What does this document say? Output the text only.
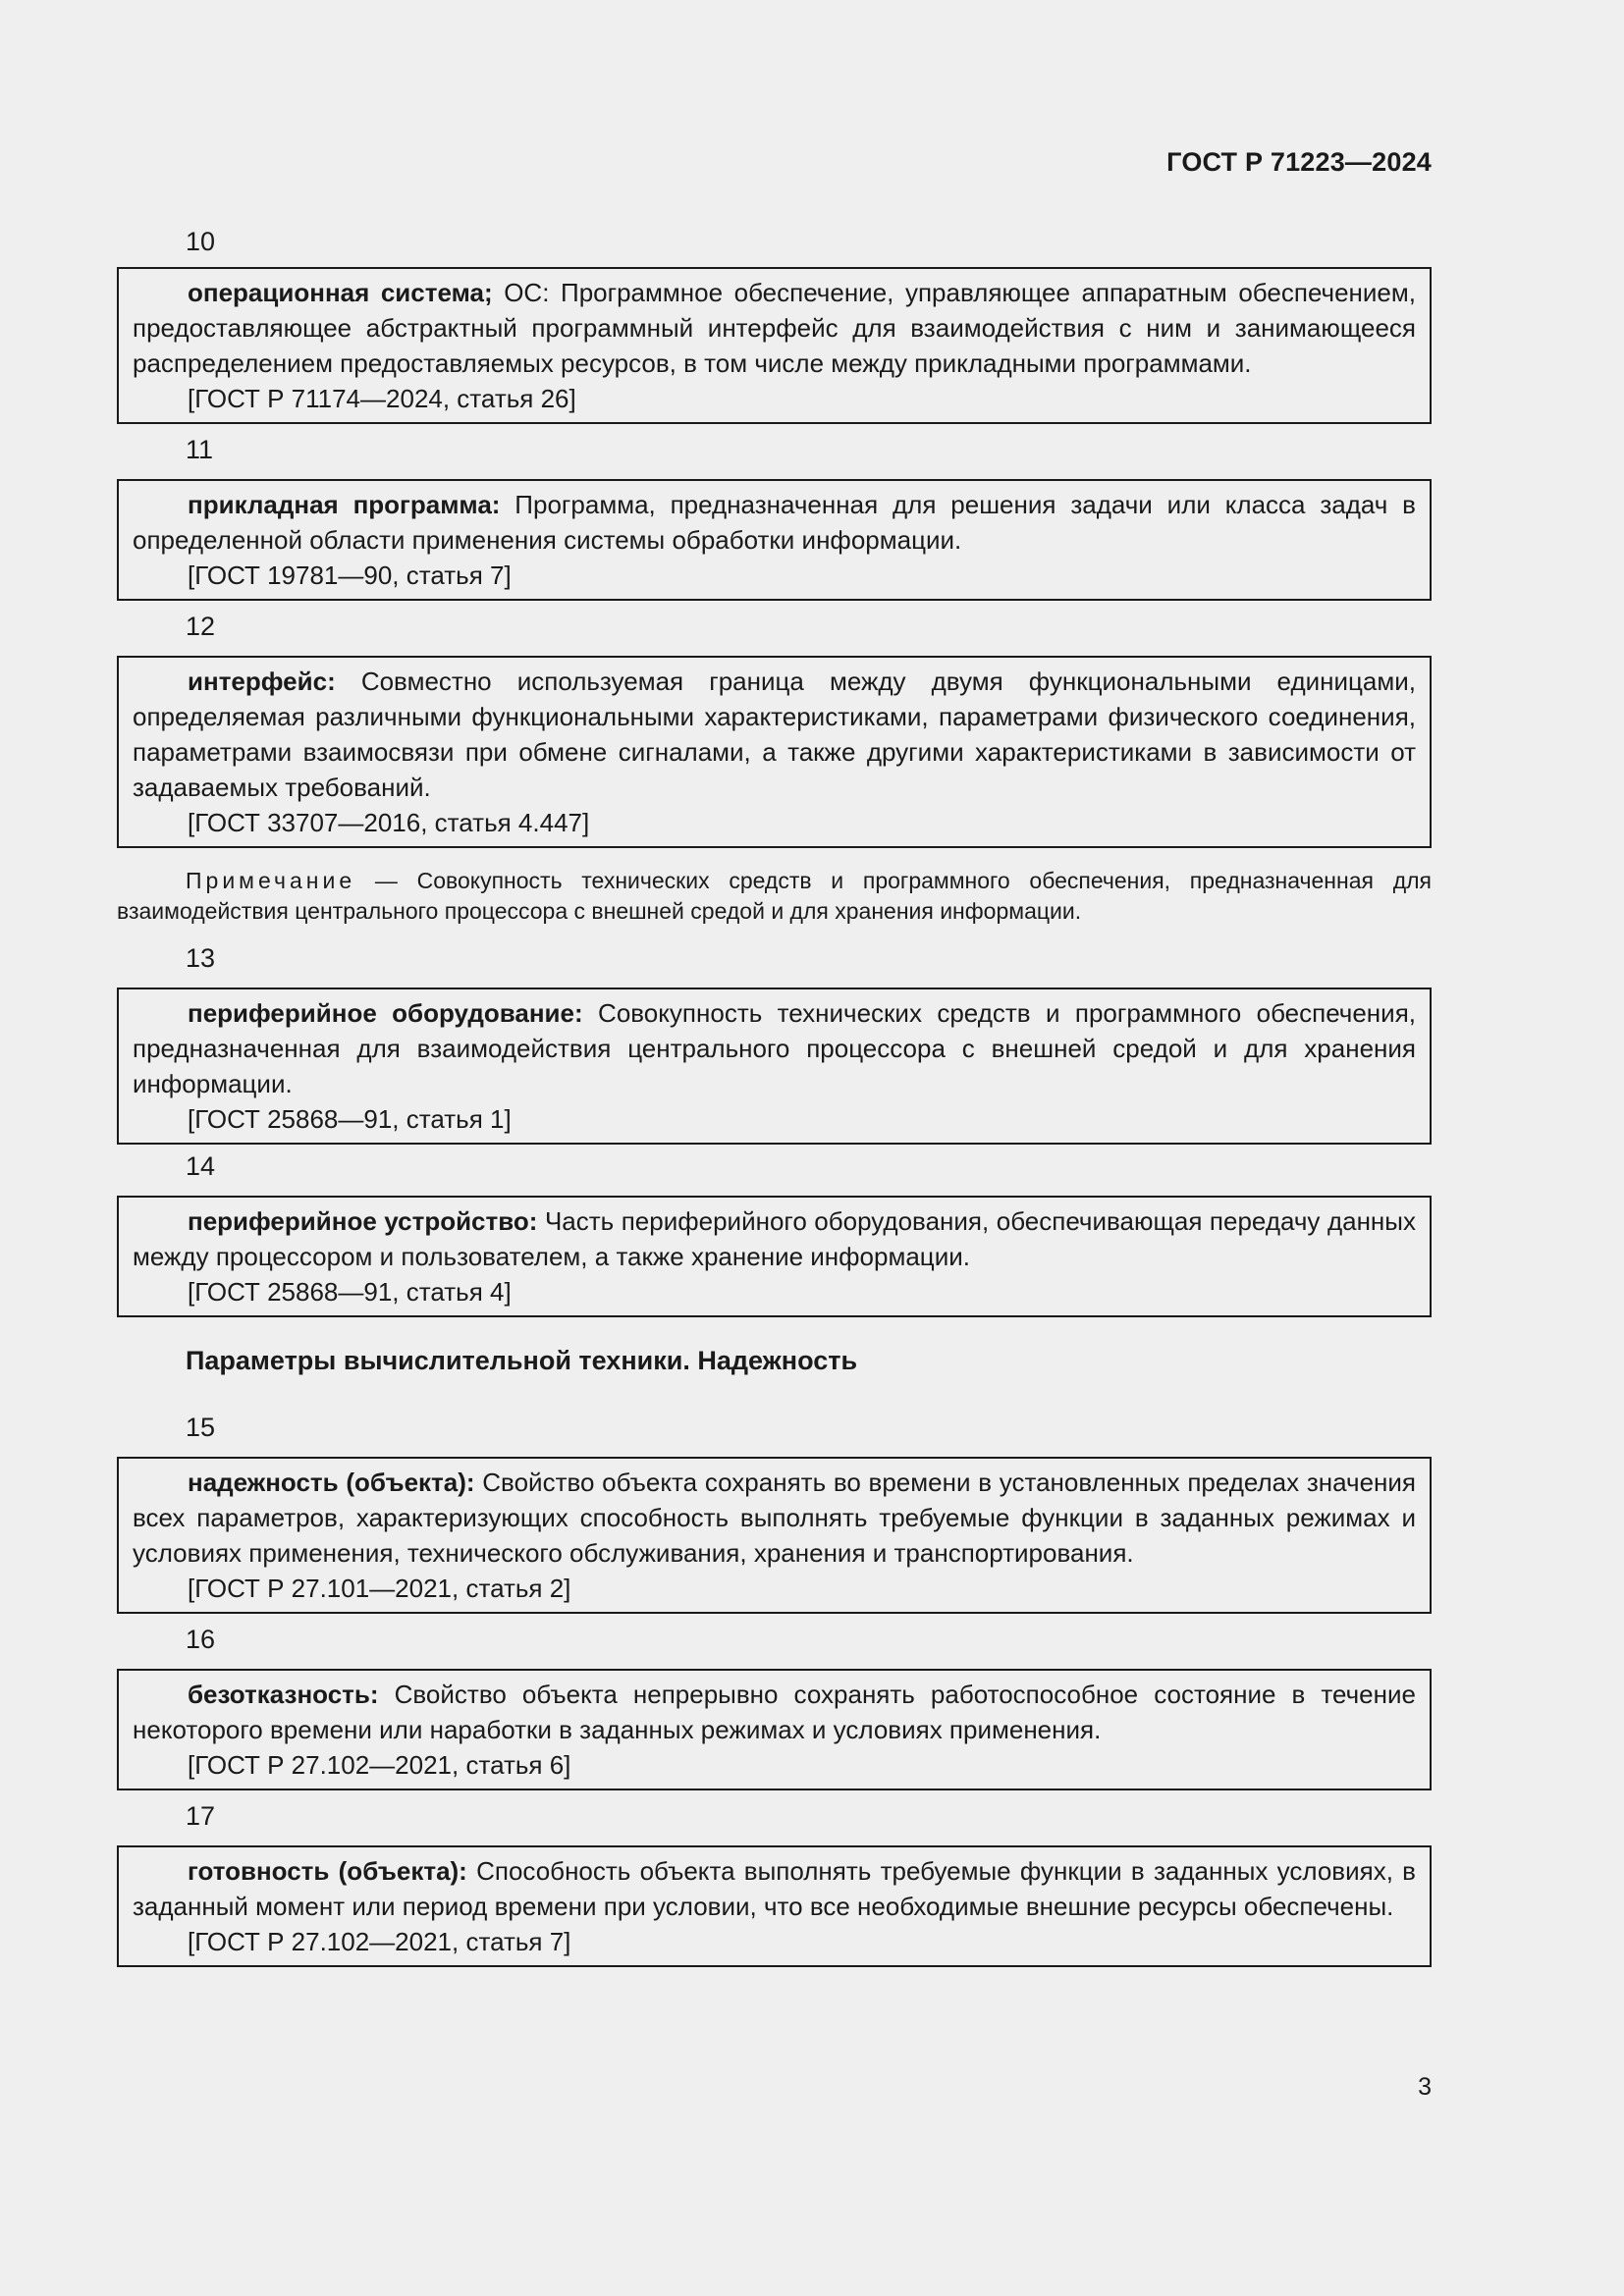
ГОСТ Р 71223—2024
10

операционная система; ОС: Программное обеспечение, управляющее аппаратным обеспечением, предоставляющее абстрактный программный интерфейс для взаимодействия с ним и занимающееся распределением предоставляемых ресурсов, в том числе между прикладными программами.

[ГОСТ Р 71174—2024, статья 26]

11

прикладная программа: Программа, предназначенная для решения задачи или класса задач в определенной области применения системы обработки информации.

[ГОСТ 19781—90, статья 7]

12

интерфейс: Совместно используемая граница между двумя функциональными единицами, определяемая различными функциональными характеристиками, параметрами физического соединения, параметрами взаимосвязи при обмене сигналами, а также другими характеристиками в зависимости от задаваемых требований.

[ГОСТ 33707—2016, статья 4.447]

Примечание — Совокупность технических средств и программного обеспечения, предназначенная для взаимодействия центрального процессора с внешней средой и для хранения информации.

13

периферийное оборудование: Совокупность технических средств и программного обеспечения, предназначенная для взаимодействия центрального процессора с внешней средой и для хранения информации.

[ГОСТ 25868—91, статья 1]

14

периферийное устройство: Часть периферийного оборудования, обеспечивающая передачу данных между процессором и пользователем, а также хранение информации.

[ГОСТ 25868—91, статья 4]

Параметры вычислительной техники. Надежность
15

надежность (объекта): Свойство объекта сохранять во времени в установленных пределах значения всех параметров, характеризующих способность выполнять требуемые функции в заданных режимах и условиях применения, технического обслуживания, хранения и транспортирования.

[ГОСТ Р 27.101—2021, статья 2]

16

безотказность: Свойство объекта непрерывно сохранять работоспособное состояние в течение некоторого времени или наработки в заданных режимах и условиях применения.

[ГОСТ Р 27.102—2021, статья 6]

17

готовность (объекта): Способность объекта выполнять требуемые функции в заданных условиях, в заданный момент или период времени при условии, что все необходимые внешние ресурсы обеспечены.

[ГОСТ Р 27.102—2021, статья 7]

3
